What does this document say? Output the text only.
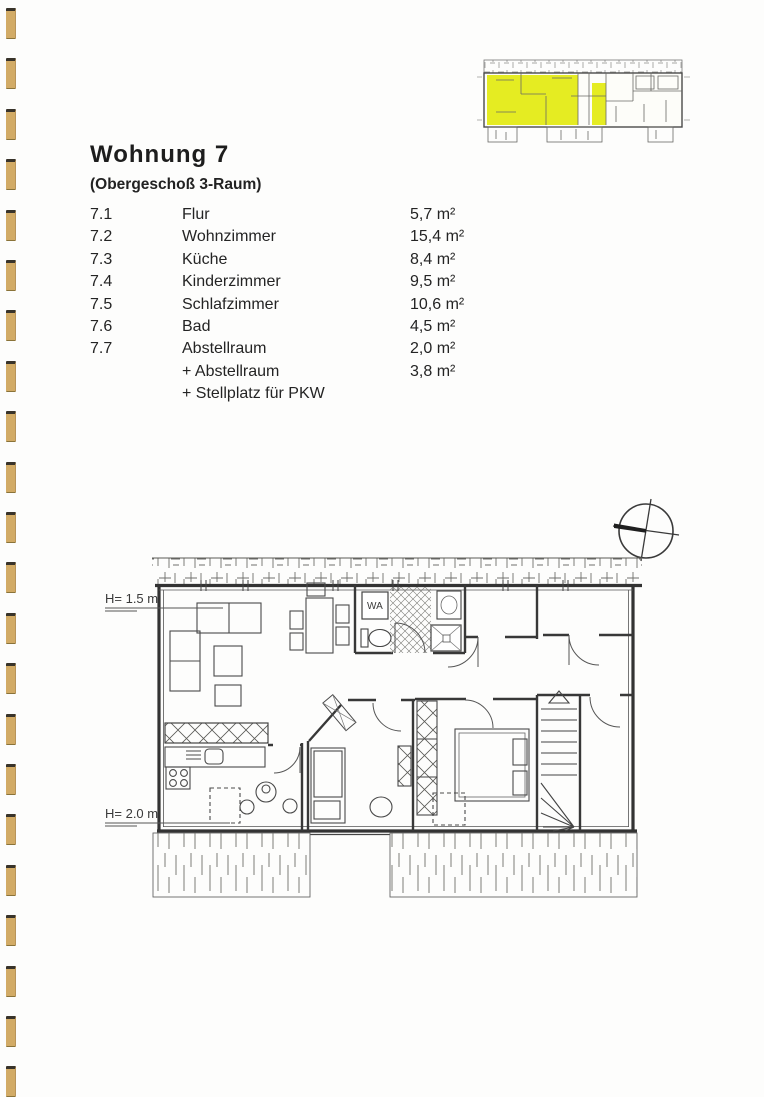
Wohnung 7
(Obergeschoß 3-Raum)
7.1	Flur	5,7 m²
7.2	Wohnzimmer	15,4 m²
7.3	Küche	8,4 m²
7.4	Kinderzimmer	9,5 m²
7.5	Schlafzimmer	10,6 m²
7.6	Bad	4,5 m²
7.7	Abstellraum	2,0 m²
+ Abstellraum	3,8 m²
+ Stellplatz für PKW
WA
H= 1.5 m
H= 2.0 m
